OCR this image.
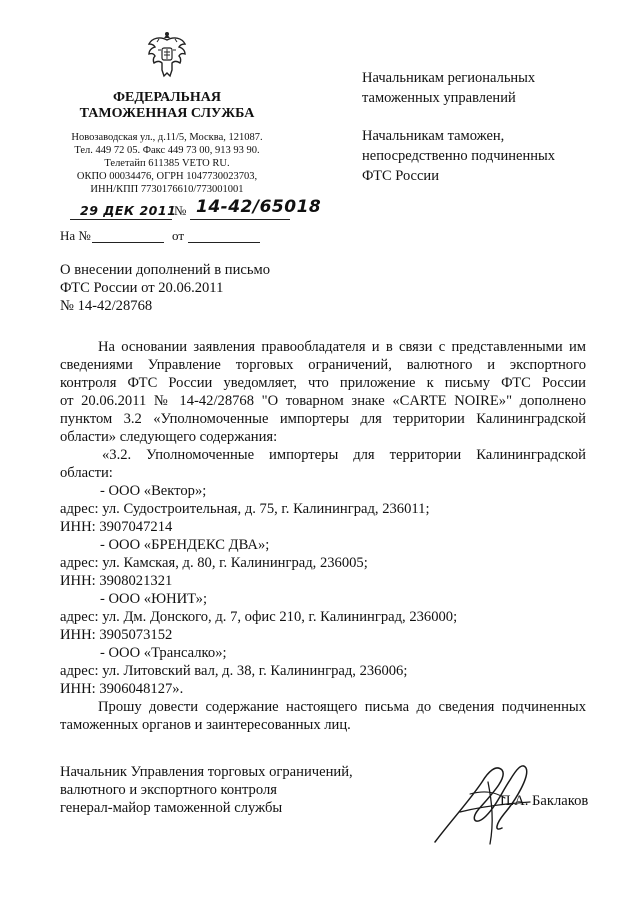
ФЕДЕРАЛЬНАЯ
ТАМОЖЕННАЯ СЛУЖБА
Новозаводская ул., д.11/5, Москва, 121087.
Тел. 449 72 05. Факс 449 73 00, 913 93 90.
Телетайп 611385 VETO RU.
ОКПО 00034476, ОГРН 1047730023703,
ИНН/КПП 7730176610/773001001
29 ДЕК 2011
№ 14-42/65018
На №	от
Начальникам региональных
таможенных управлений
Начальникам таможен,
непосредственно подчиненных
ФТС России
О внесении дополнений в письмо
ФТС России от 20.06.2011
№ 14-42/28768
На основании заявления правообладателя и в связи с представленными им
сведениями Управление торговых ограничений, валютного и экспортного
контроля ФТС России уведомляет, что приложение к письму ФТС России
от 20.06.2011 № 14-42/28768 "О товарном знаке «CARTE NOIRE»" дополнено
пунктом 3.2 «Уполномоченные импортеры для территории Калининградской
области» следующего содержания:
«3.2. Уполномоченные импортеры для территории Калининградской
области:
- ООО «Вектор»;
адрес: ул. Судостроительная, д. 75, г. Калининград, 236011;
ИНН: 3907047214
- ООО «БРЕНДЕКС ДВА»;
адрес: ул. Камская, д. 80, г. Калининград, 236005;
ИНН: 3908021321
- ООО «ЮНИТ»;
адрес: ул. Дм. Донского, д. 7, офис 210, г. Калининград, 236000;
ИНН: 3905073152
- ООО «Трансалко»;
адрес: ул. Литовский вал, д. 38, г. Калининград, 236006;
ИНН: 3906048127».
Прошу довести содержание настоящего письма до сведения подчиненных
таможенных органов и заинтересованных лиц.
Начальник Управления торговых ограничений,
валютного и экспортного контроля
генерал-майор таможенной службы	П.А. Баклаков
